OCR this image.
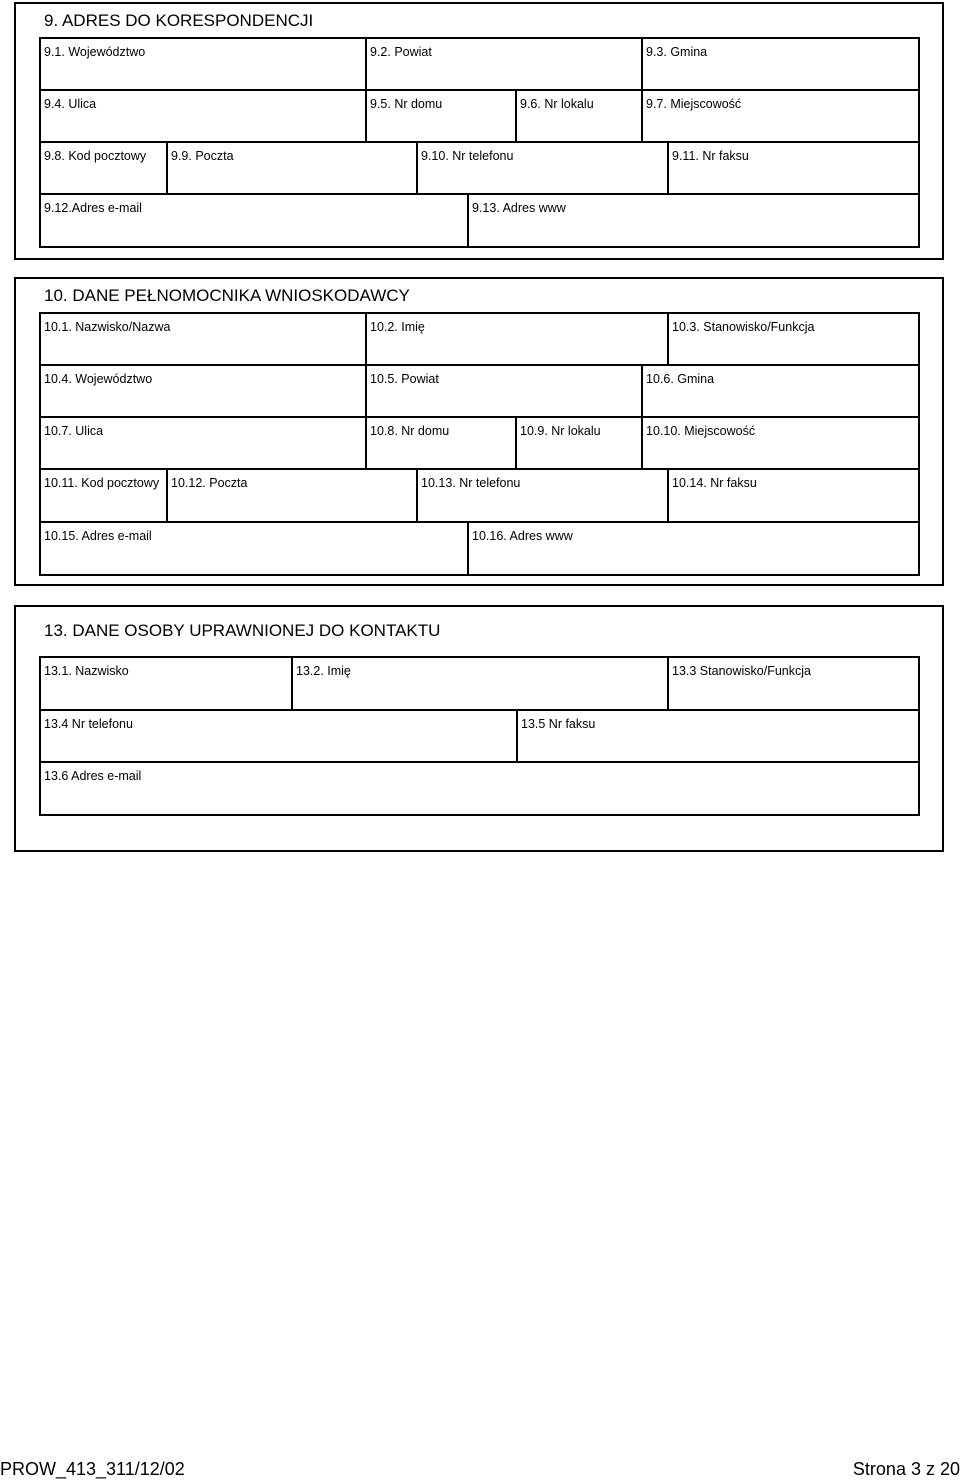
9. ADRES DO KORESPONDENCJI
9.1. Województwo	9.2. Powiat	9.3. Gmina
9.4. Ulica	9.5. Nr domu	9.6. Nr lokalu	9.7. Miejscowość
9.8. Kod pocztowy	9.9. Poczta	9.10. Nr telefonu	9.11. Nr faksu
9.12.Adres e-mail	9.13. Adres www
10. DANE PEŁNOMOCNIKA WNIOSKODAWCY
10.1. Nazwisko/Nazwa	10.2. Imię	10.3. Stanowisko/Funkcja
10.4. Województwo	10.5. Powiat	10.6. Gmina
10.7. Ulica	10.8. Nr domu	10.9. Nr lokalu	10.10. Miejscowość
10.11. Kod pocztowy 10.12. Poczta	10.13. Nr telefonu	10.14. Nr faksu
10.15. Adres e-mail	10.16. Adres www
13. DANE OSOBY UPRAWNIONEJ DO KONTAKTU
13.1. Nazwisko	13.2. Imię	13.3 Stanowisko/Funkcja
13.4 Nr telefonu	13.5 Nr faksu
13.6 Adres e-mail
PROW_413_311/12/02	Strona 3 z 20
